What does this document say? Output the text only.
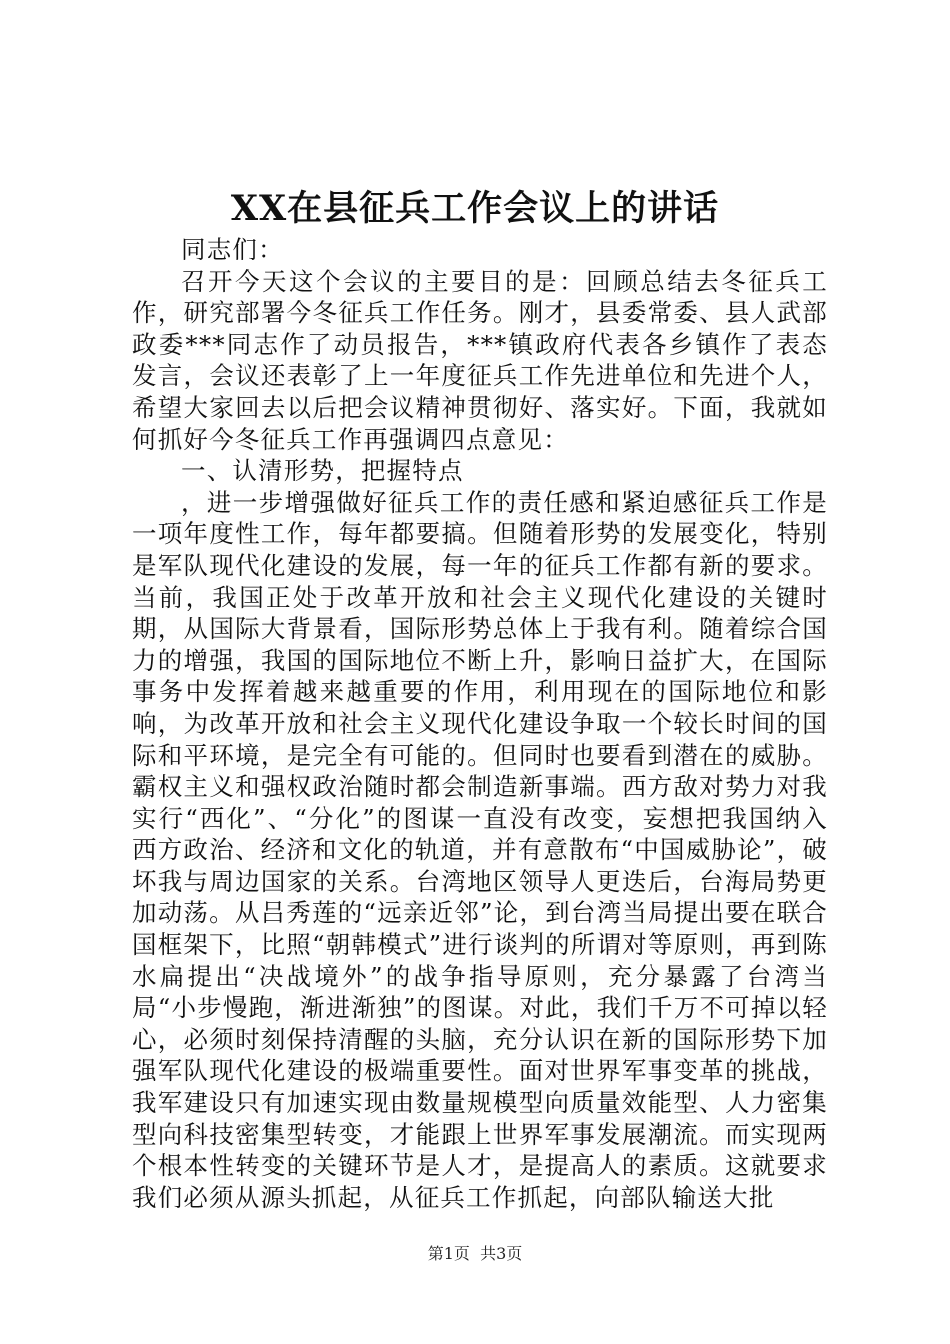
XX在县征兵工作会议上的讲话

同志们：

召开今天这个会议的主要目的是：回顾总结去冬征兵工作，研究部署今冬征兵工作任务。刚才，县委常委、县人武部政委***同志作了动员报告，***镇政府代表各乡镇作了表态发言，会议还表彰了上一年度征兵工作先进单位和先进个人，希望大家回去以后把会议精神贯彻好、落实好。下面，我就如何抓好今冬征兵工作再强调四点意见：

一、认清形势，把握特点

，进一步增强做好征兵工作的责任感和紧迫感征兵工作是一项年度性工作，每年都要搞。但随着形势的发展变化，特别是军队现代化建设的发展，每一年的征兵工作都有新的要求。当前，我国正处于改革开放和社会主义现代化建设的关键时期，从国际大背景看，国际形势总体上于我有利。随着综合国力的增强，我国的国际地位不断上升，影响日益扩大，在国际事务中发挥着越来越重要的作用，利用现在的国际地位和影响，为改革开放和社会主义现代化建设争取一个较长时间的国际和平环境，是完全有可能的。但同时也要看到潜在的威胁。霸权主义和强权政治随时都会制造新事端。西方敌对势力对我实行“西化”、“分化”的图谋一直没有改变，妄想把我国纳入西方政治、经济和文化的轨道，并有意散布“中国威胁论”，破坏我与周边国家的关系。台湾地区领导人更迭后，台海局势更加动荡。从吕秀莲的“远亲近邻”论，到台湾当局提出要在联合国框架下，比照“朝韩模式”进行谈判的所谓对等原则，再到陈水扁提出“决战境外”的战争指导原则，充分暴露了台湾当局“小步慢跑，渐进渐独”的图谋。对此，我们千万不可掉以轻心，必须时刻保持清醒的头脑，充分认识在新的国际形势下加强军队现代化建设的极端重要性。面对世界军事变革的挑战，我军建设只有加速实现由数量规模型向质量效能型、人力密集型向科技密集型转变，才能跟上世界军事发展潮流。而实现两个根本性转变的关键环节是人才，是提高人的素质。这就要求我们必须从源头抓起，从征兵工作抓起，向部队输送大批

第1页  共3页
